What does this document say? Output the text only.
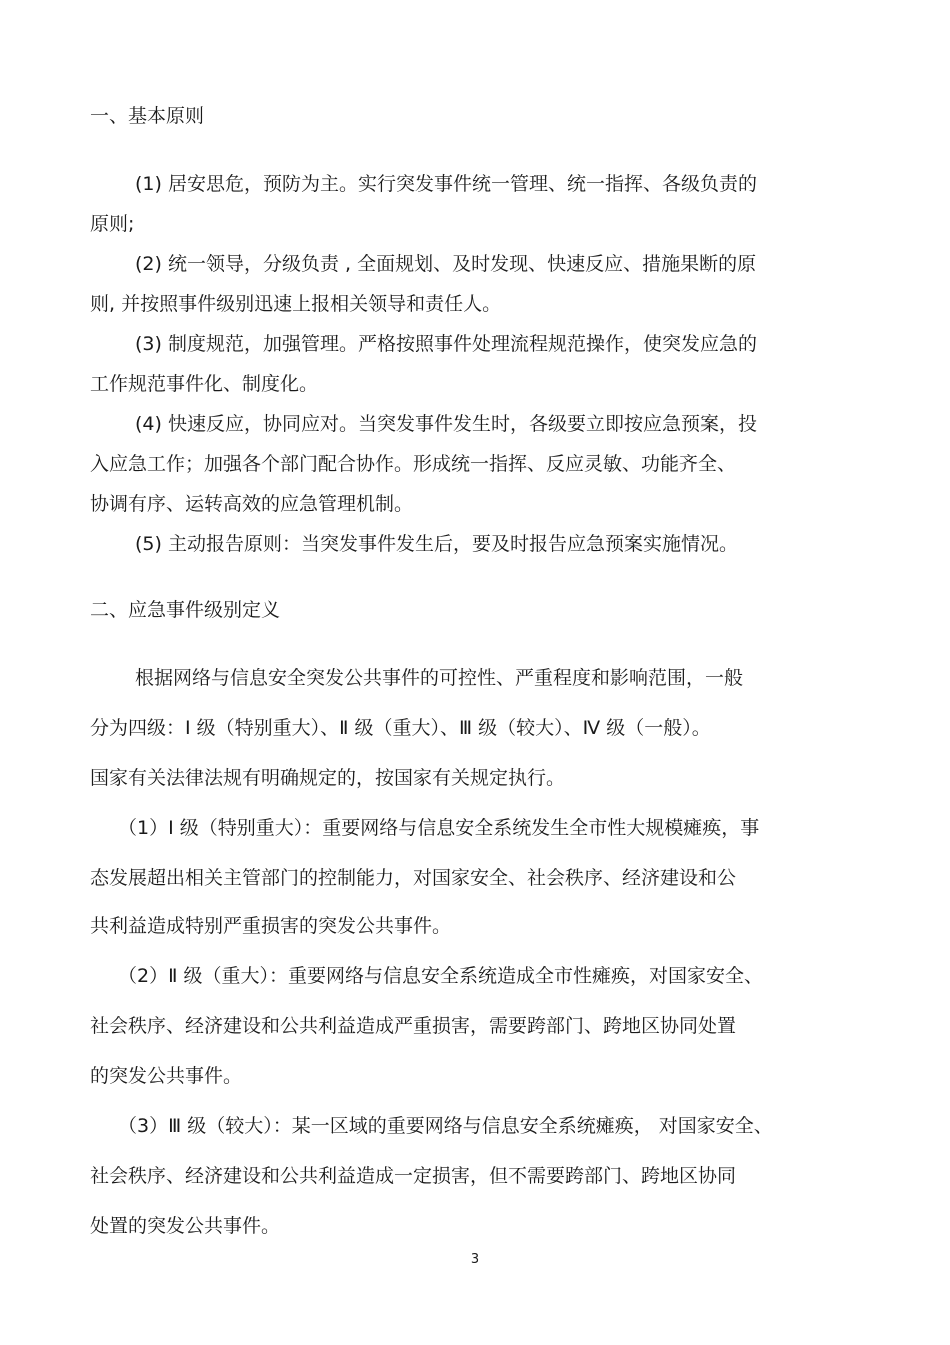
一、基本原则

(1) 居安思危，预防为主。实行突发事件统一管理、统一指挥、各级负责的

原则;

(2) 统一领导，分级负责 , 全面规划、及时发现、快速反应、措施果断的原

则, 并按照事件级别迅速上报相关领导和责任人。

(3) 制度规范，加强管理。严格按照事件处理流程规范操作，使突发应急的

工作规范事件化、制度化。

(4) 快速反应，协同应对。当突发事件发生时，各级要立即按应急预案，投

入应急工作；加强各个部门配合协作。形成统一指挥、反应灵敏、功能齐全、

协调有序、运转高效的应急管理机制。

(5) 主动报告原则：当突发事件发生后，要及时报告应急预案实施情况。

二、应急事件级别定义

根据网络与信息安全突发公共事件的可控性、严重程度和影响范围，一般

分为四级：Ⅰ 级（特别重大）、Ⅱ 级（重大）、Ⅲ 级（较大）、Ⅳ 级（一般）。

国家有关法律法规有明确规定的，按国家有关规定执行。

（1）Ⅰ 级（特别重大）：重要网络与信息安全系统发生全市性大规模瘫痪，事

态发展超出相关主管部门的控制能力，对国家安全、社会秩序、经济建设和公

共利益造成特别严重损害的突发公共事件。

（2）Ⅱ 级（重大）：重要网络与信息安全系统造成全市性瘫痪，对国家安全、

社会秩序、经济建设和公共利益造成严重损害，需要跨部门、跨地区协同处置

的突发公共事件。

（3）Ⅲ 级（较大）：某一区域的重要网络与信息安全系统瘫痪， 对国家安全、

社会秩序、经济建设和公共利益造成一定损害，但不需要跨部门、跨地区协同

处置的突发公共事件。

3
